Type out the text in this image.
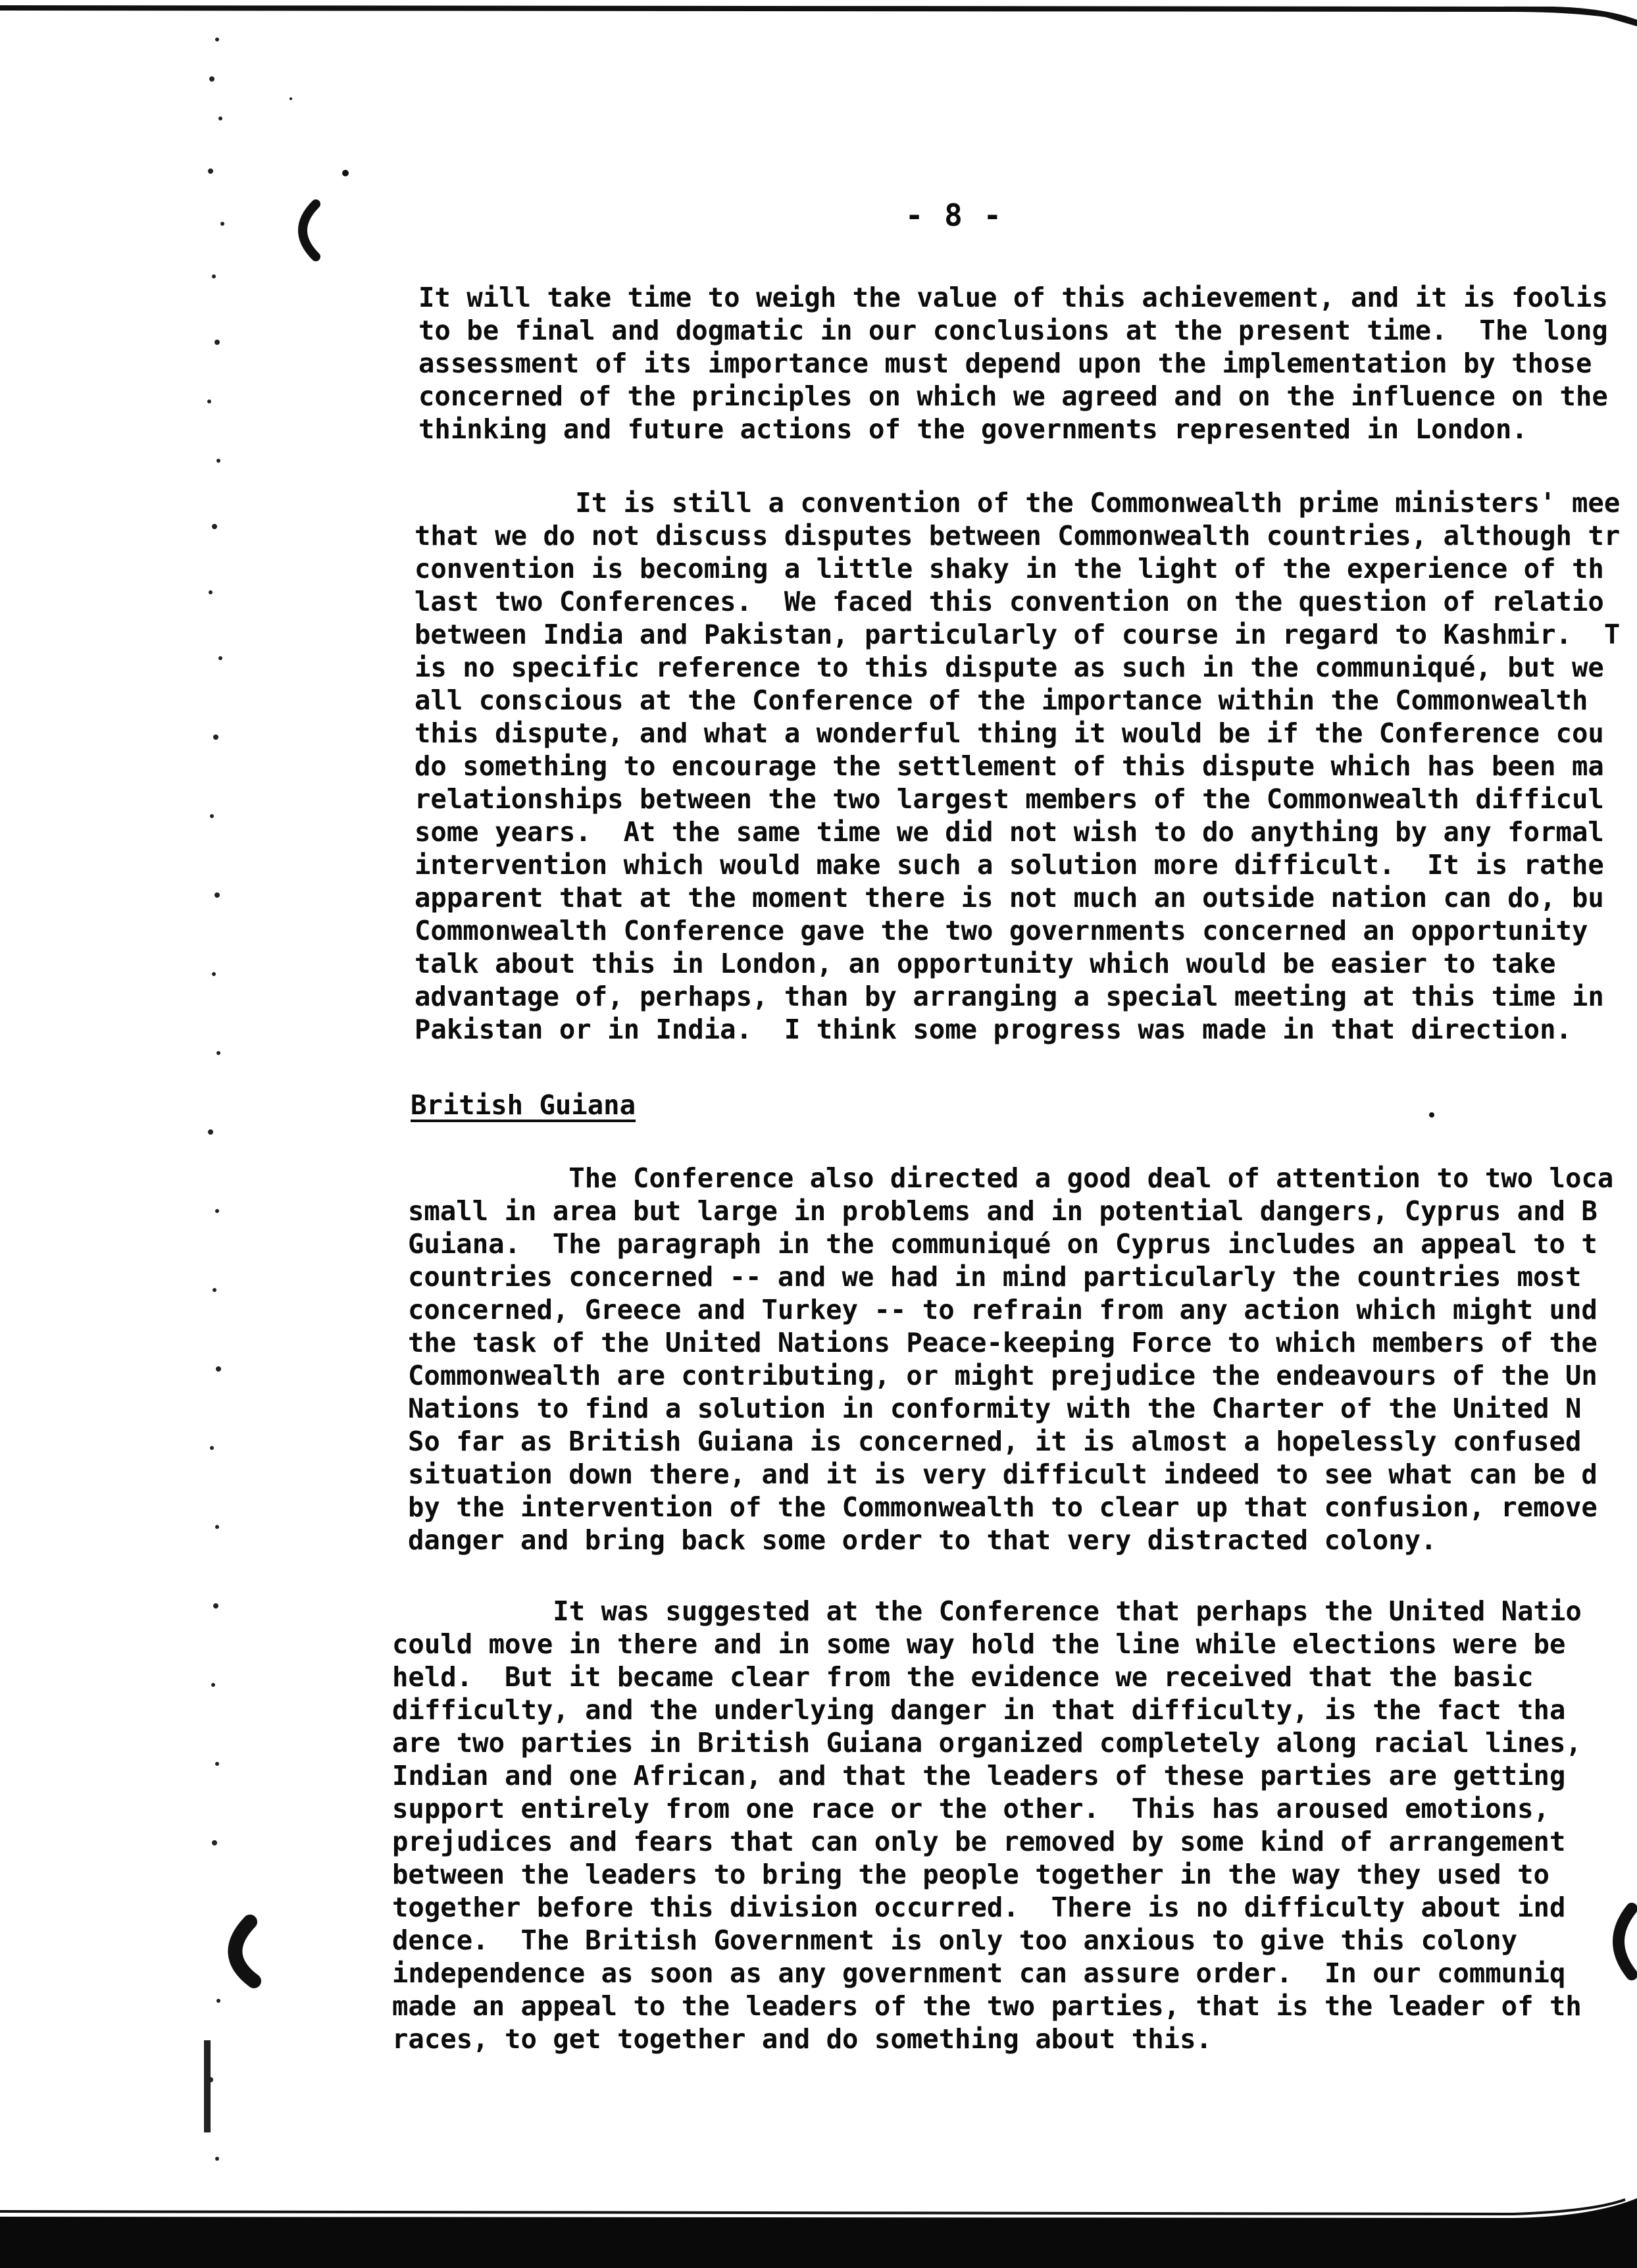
- 8 -
It will take time to weigh the value of this achievement, and it is foolis
to be final and dogmatic in our conclusions at the present time.  The long
assessment of its importance must depend upon the implementation by those
concerned of the principles on which we agreed and on the influence on the
thinking and future actions of the governments represented in London.
It is still a convention of the Commonwealth prime ministers' mee
that we do not discuss disputes between Commonwealth countries, although tr
convention is becoming a little shaky in the light of the experience of th
last two Conferences.  We faced this convention on the question of relatio
between India and Pakistan, particularly of course in regard to Kashmir.  T
is no specific reference to this dispute as such in the communiqué, but we
all conscious at the Conference of the importance within the Commonwealth
this dispute, and what a wonderful thing it would be if the Conference cou
do something to encourage the settlement of this dispute which has been ma
relationships between the two largest members of the Commonwealth difficul
some years.  At the same time we did not wish to do anything by any formal
intervention which would make such a solution more difficult.  It is rathe
apparent that at the moment there is not much an outside nation can do, bu
Commonwealth Conference gave the two governments concerned an opportunity
talk about this in London, an opportunity which would be easier to take
advantage of, perhaps, than by arranging a special meeting at this time in
Pakistan or in India.  I think some progress was made in that direction.
British Guiana
The Conference also directed a good deal of attention to two loca
small in area but large in problems and in potential dangers, Cyprus and B
Guiana.  The paragraph in the communiqué on Cyprus includes an appeal to t
countries concerned -- and we had in mind particularly the countries most
concerned, Greece and Turkey -- to refrain from any action which might und
the task of the United Nations Peace-keeping Force to which members of the
Commonwealth are contributing, or might prejudice the endeavours of the Un
Nations to find a solution in conformity with the Charter of the United N
So far as British Guiana is concerned, it is almost a hopelessly confused
situation down there, and it is very difficult indeed to see what can be d
by the intervention of the Commonwealth to clear up that confusion, remove
danger and bring back some order to that very distracted colony.
It was suggested at the Conference that perhaps the United Natio
could move in there and in some way hold the line while elections were be
held.  But it became clear from the evidence we received that the basic
difficulty, and the underlying danger in that difficulty, is the fact tha
are two parties in British Guiana organized completely along racial lines,
Indian and one African, and that the leaders of these parties are getting
support entirely from one race or the other.  This has aroused emotions,
prejudices and fears that can only be removed by some kind of arrangement
between the leaders to bring the people together in the way they used to
together before this division occurred.  There is no difficulty about ind
dence.  The British Government is only too anxious to give this colony
independence as soon as any government can assure order.  In our communiq
made an appeal to the leaders of the two parties, that is the leader of th
races, to get together and do something about this.
